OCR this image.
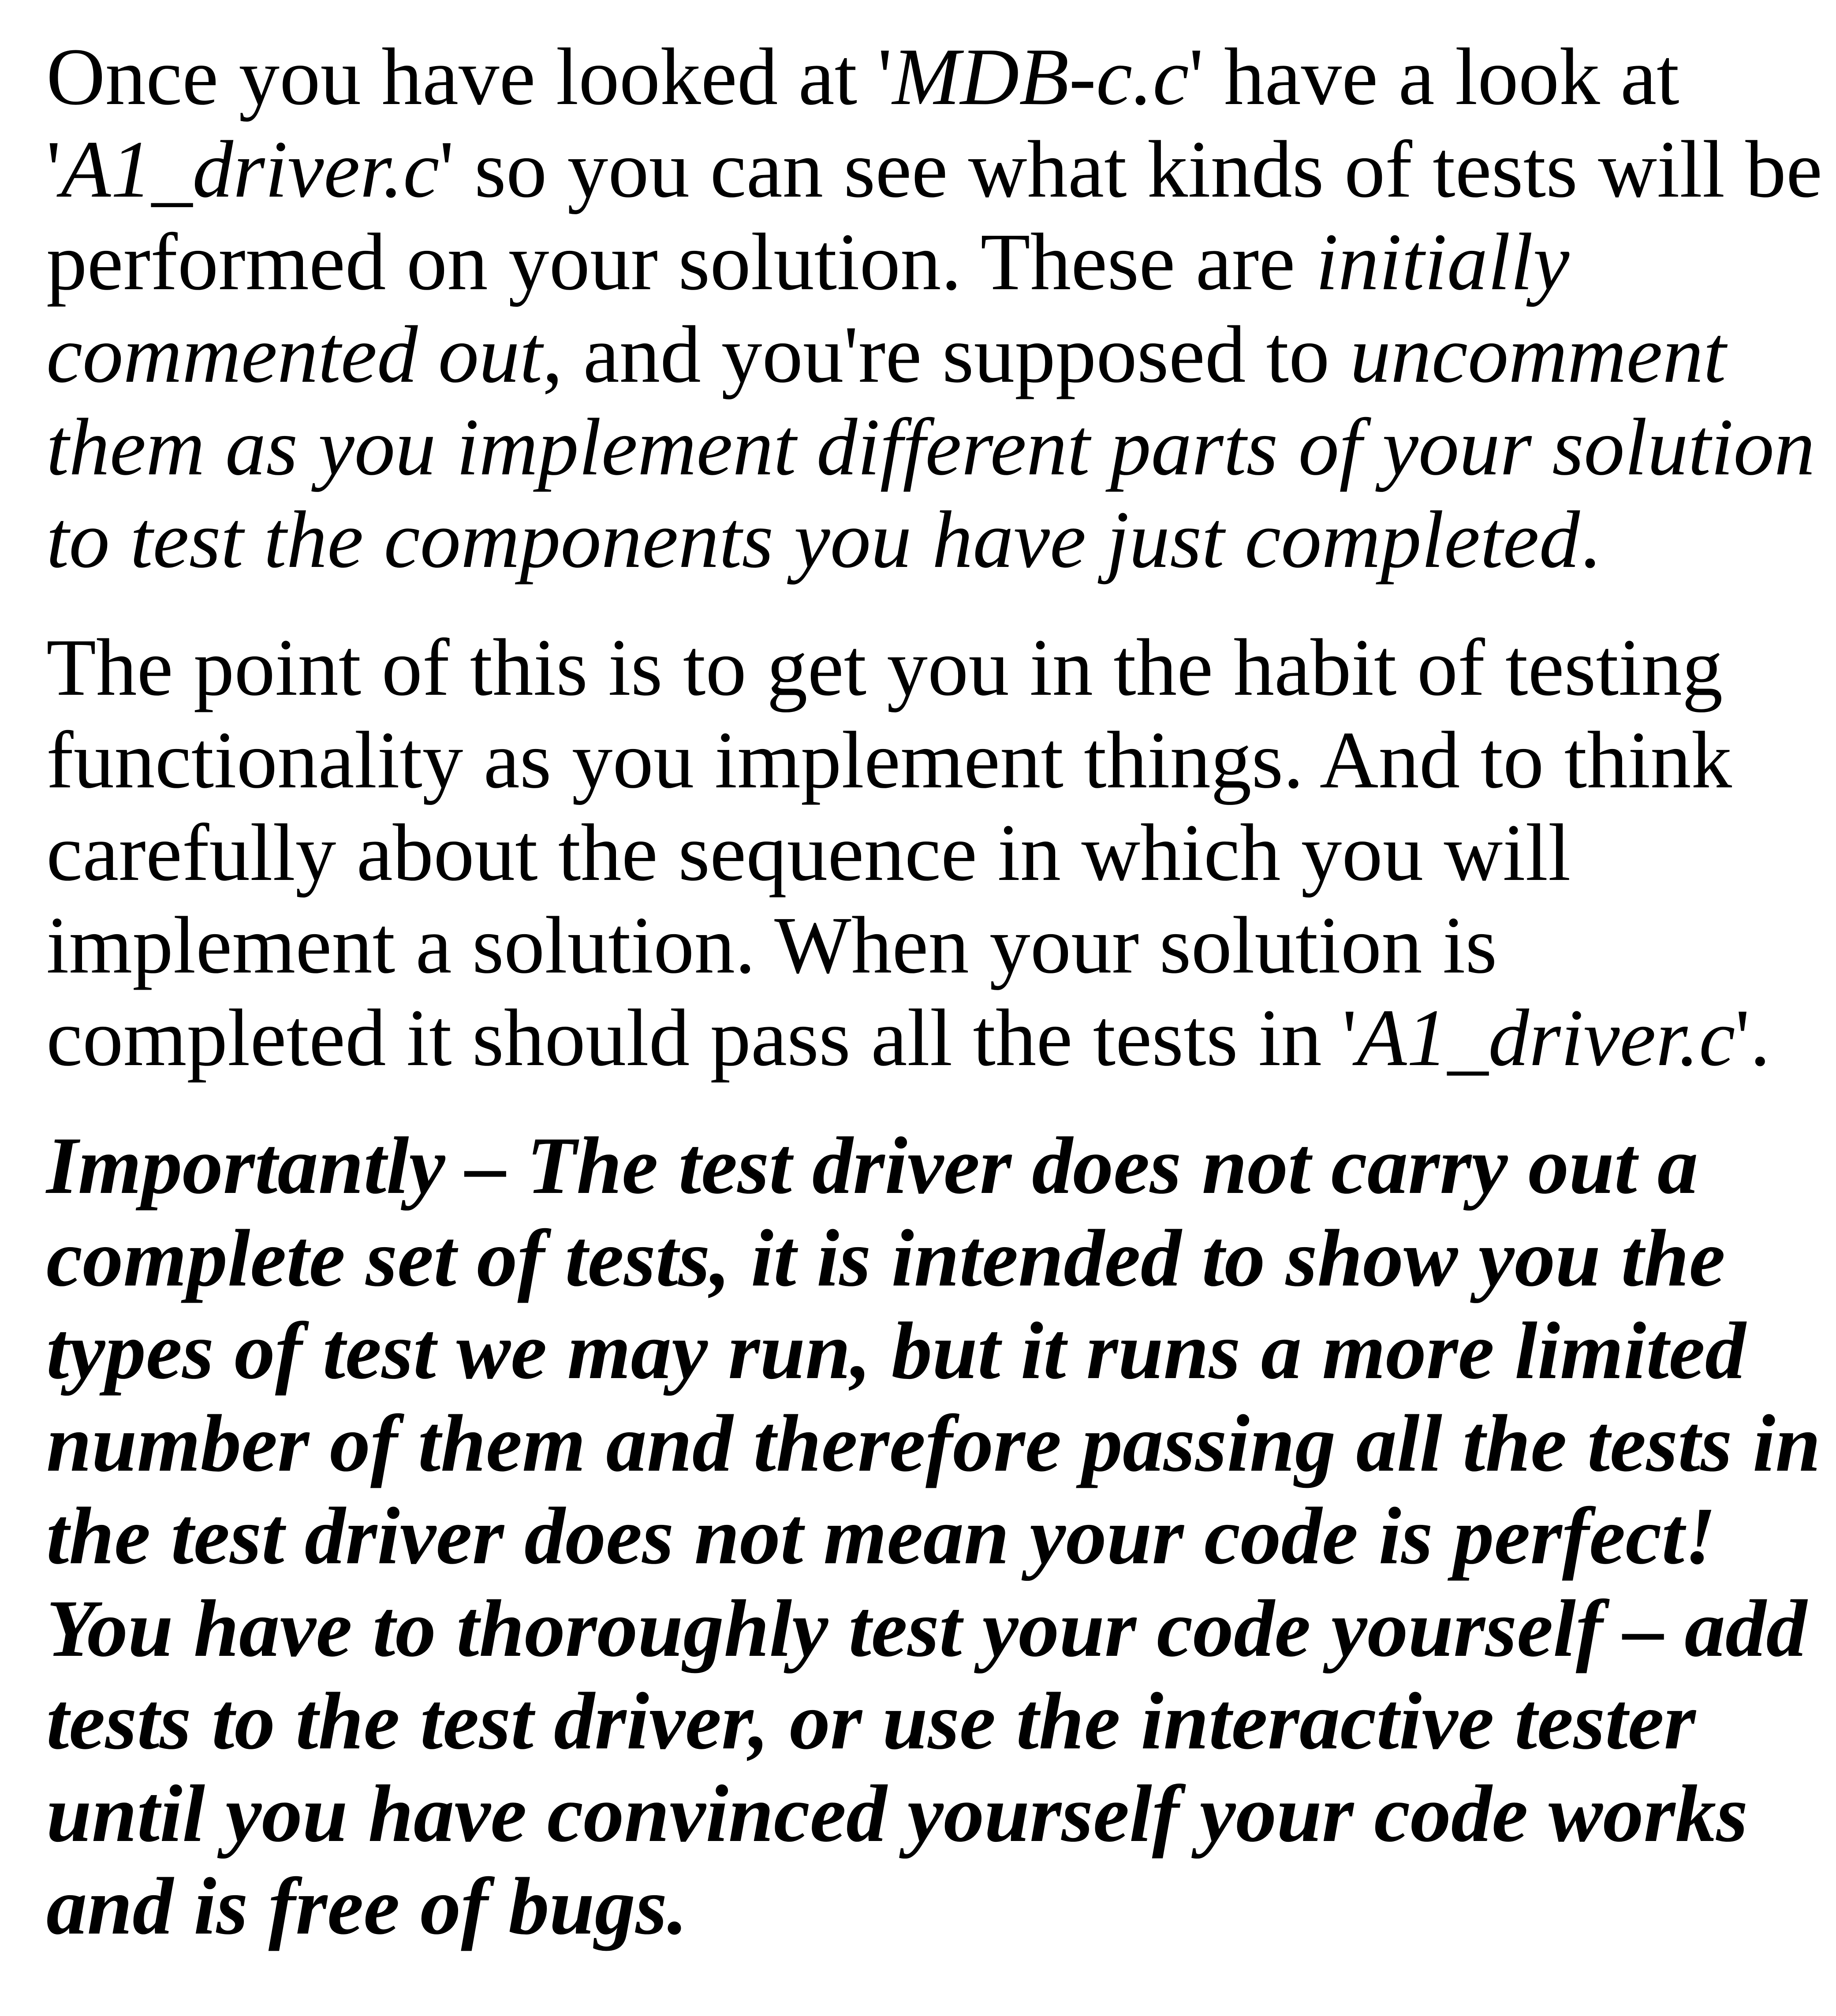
Once you have looked at 'MDB-c.c' have a look at
'A1_driver.c' so you can see what kinds of tests will be
performed on your solution. These are initially
commented out, and you're supposed to uncomment
them as you implement different parts of your solution
to test the components you have just completed.
The point of this is to get you in the habit of testing
functionality as you implement things. And to think
carefully about the sequence in which you will
implement a solution. When your solution is
completed it should pass all the tests in 'A1_driver.c'.
Importantly – The test driver does not carry out a
complete set of tests, it is intended to show you the
types of test we may run, but it runs a more limited
number of them and therefore passing all the tests in
the test driver does not mean your code is perfect!
You have to thoroughly test your code yourself – add
tests to the test driver, or use the interactive tester
until you have convinced yourself your code works
and is free of bugs.
